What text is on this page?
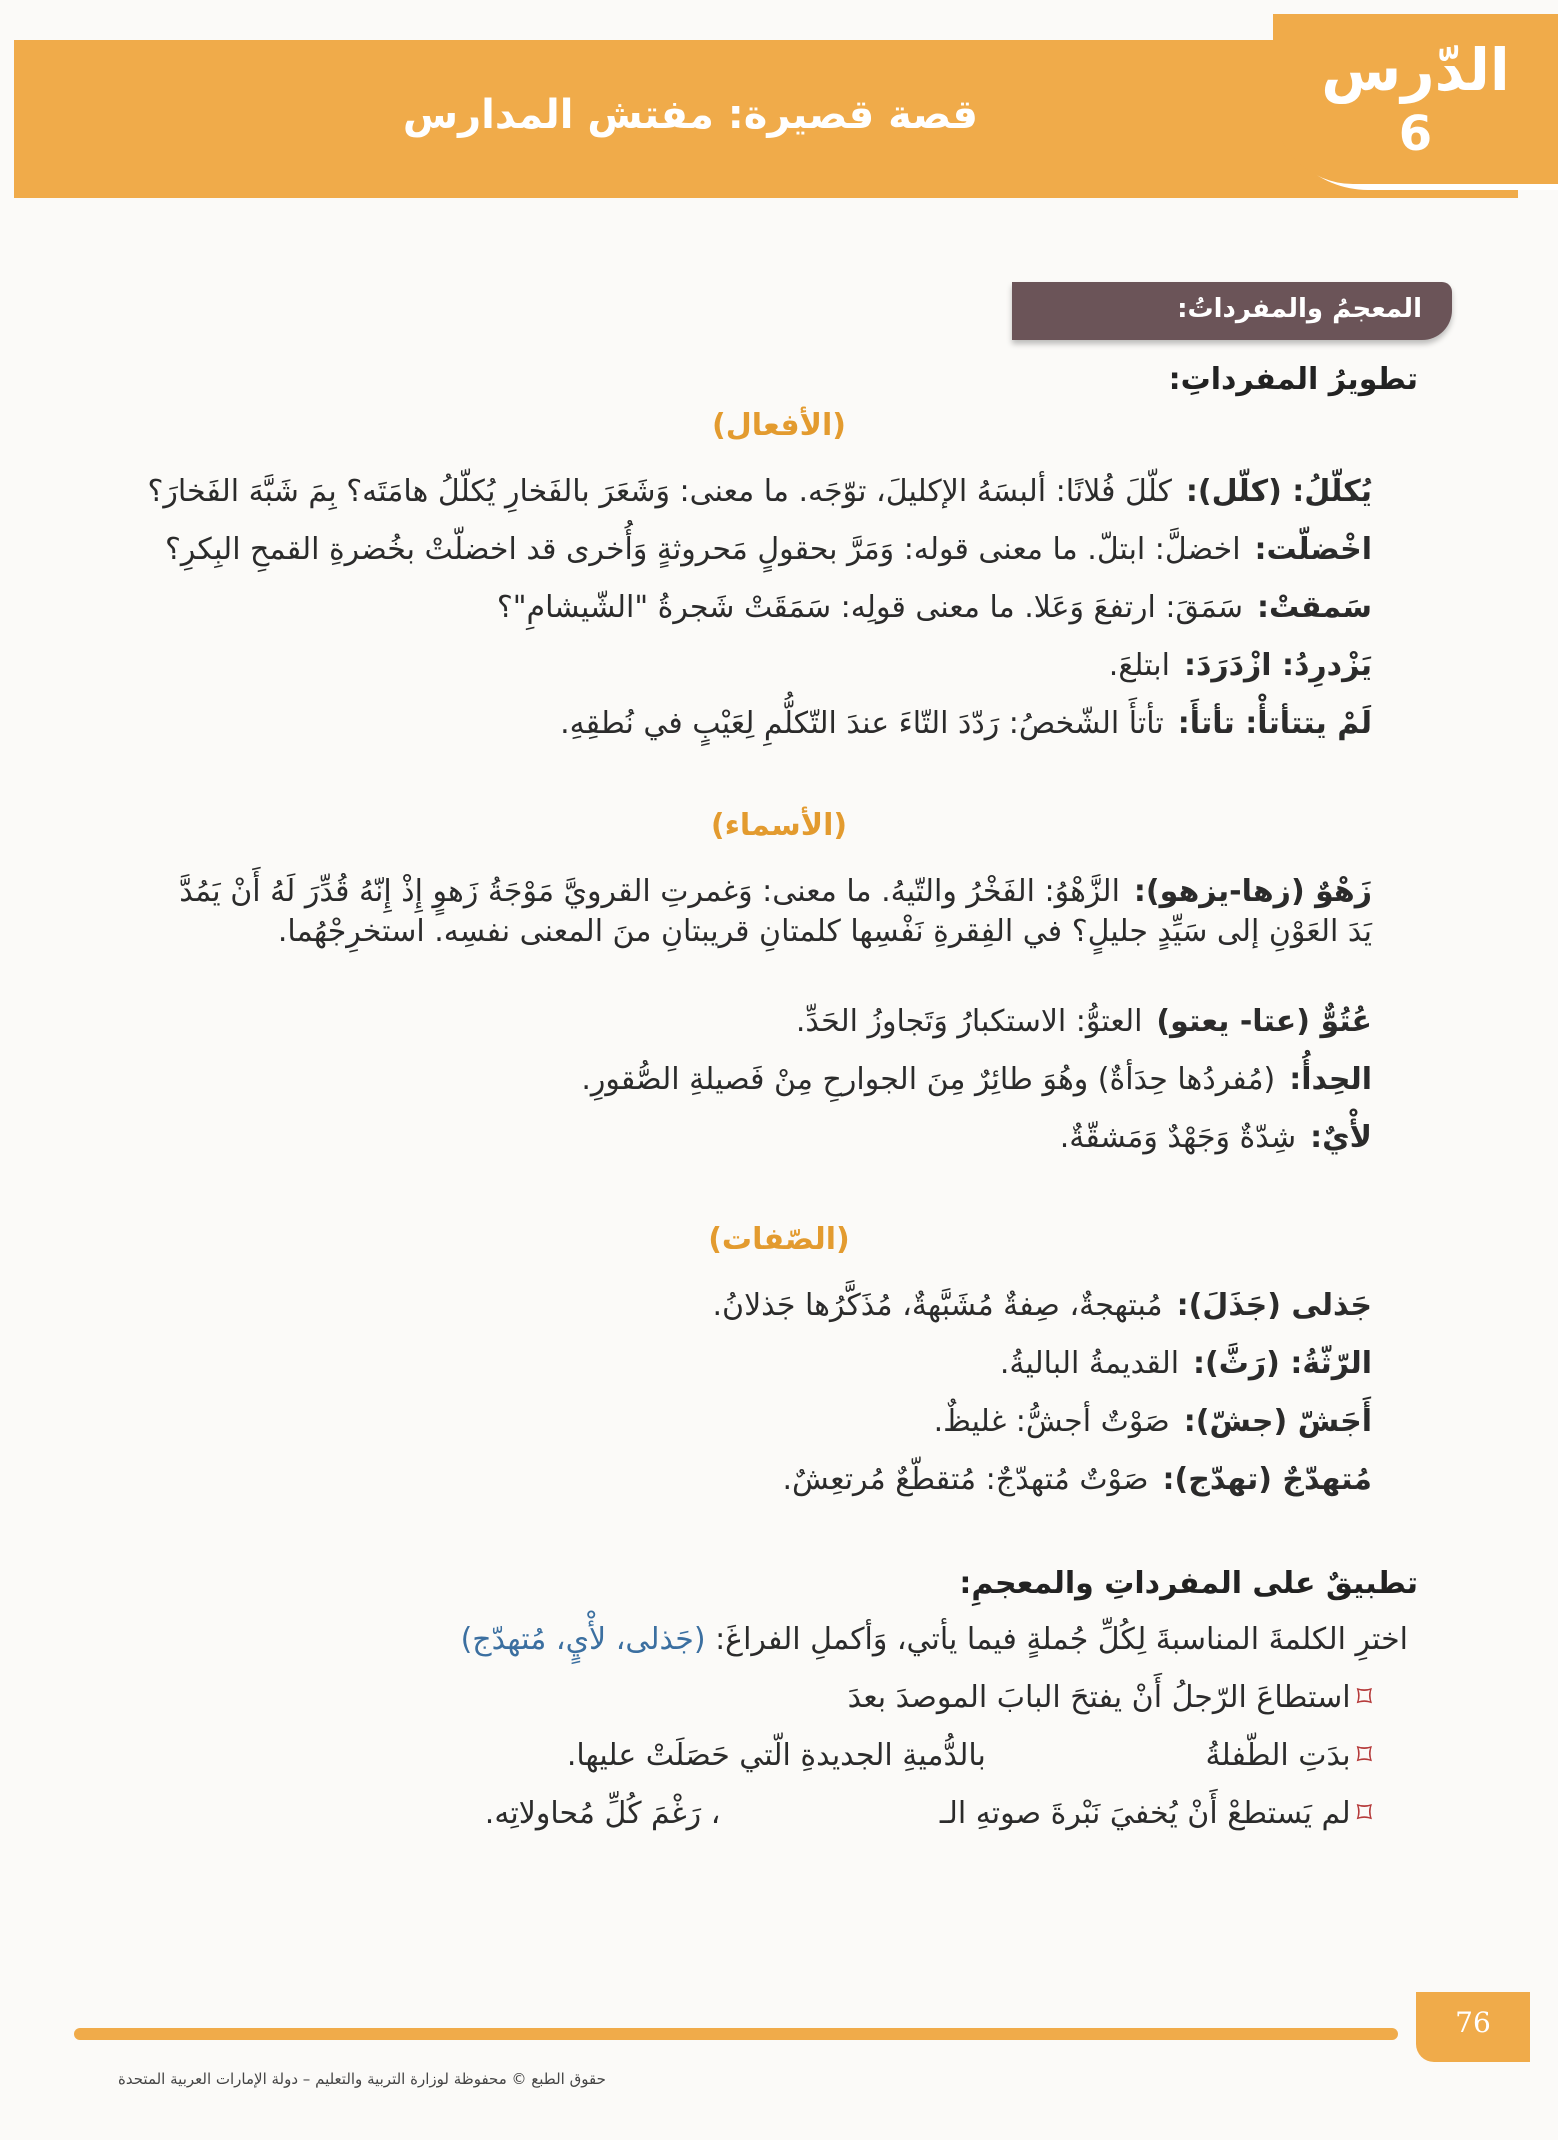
قصة قصيرة: مفتش المدارس
الدّرس
6
المعجمُ والمفرداتُ:
تطويرُ المفرداتِ:
(الأفعال)
يُكلّلُ: (كلّل):كلّلَ فُلانًا: ألبسَهُ الإكليلَ، توّجَه. ما معنى: وَشَعَرَ بالفَخارِ يُكلّلُ هامَتَه؟ بِمَ شَبَّهَ الفَخارَ؟
اخْضلّت:اخضلَّ: ابتلّ. ما معنى قوله: وَمَرَّ بحقولٍ مَحروثةٍ وَأُخرى قد اخضلّتْ بخُضرةِ القمحِ البِكرِ؟
سَمقتْ:سَمَقَ: ارتفعَ وَعَلا. ما معنى قولِه: سَمَقَتْ شَجرةُ "الشّيشامِ"؟
يَزْدرِدُ: ازْدَرَدَ:ابتلعَ.
لَمْ يتتأتأْ: تأتأَ:تأتأَ الشّخصُ: رَدّدَ التّاءَ عندَ التّكلُّمِ لِعَيْبٍ في نُطقِهِ.
(الأسماء)
زَهْوٌ (زها-يزهو):الزَّهْوُ: الفَخْرُ والتّيهُ. ما معنى: وَغمرتِ القرويَّ مَوْجَةُ زَهوٍ إِذْ إِنّهُ قُدِّرَ لَهُ أَنْ يَمُدَّ يَدَ العَوْنِ إلى سَيِّدٍ جليلٍ؟ في الفِقرةِ نَفْسِها كلمتانِ قريبتانِ منَ المعنى نفسِه. استخرِجْهُما.
عُتُوٌّ (عتا- يعتو)العتوُّ: الاستكبارُ وَتَجاوزُ الحَدِّ.
الحِدأُ:(مُفردُها حِدَأةٌ) وهُوَ طائِرٌ مِنَ الجوارحِ مِنْ فَصيلةِ الصُّقورِ.
لأْيٌ:شِدّةٌ وَجَهْدٌ وَمَشقّةٌ.
(الصّفات)
جَذلى (جَذَلَ):مُبتهجةٌ، صِفةٌ مُشَبَّهةٌ، مُذَكَّرُها جَذلانُ.
الرّثّةُ: (رَثَّ):القديمةُ الباليةُ.
أَجَشّ (جشّ):صَوْتٌ أجشُّ: غليظٌ.
مُتهدّجٌ (تهدّج):صَوْتٌ مُتهدّجٌ: مُتقطّعٌ مُرتعِشٌ.
تطبيقٌ على المفرداتِ والمعجمِ:
اخترِ الكلمةَ المناسبةَ لِكُلِّ جُملةٍ فيما يأتي، وَأكملِ الفراغَ: (جَذلى، لأْيٍ، مُتهدّج)
⌑استطاعَ الرّجلُ أَنْ يفتحَ البابَ الموصدَ بعدَ
⌑بدَتِ الطّفلةُ بالدُّميةِ الجديدةِ الّتي حَصَلَتْ عليها.
⌑لم يَستطعْ أَنْ يُخفيَ نَبْرةَ صوتهِ الـ ، رَغْمَ كُلِّ مُحاولاتِه.
76
حقوق الطبع © محفوظة لوزارة التربية والتعليم – دولة الإمارات العربية المتحدة
